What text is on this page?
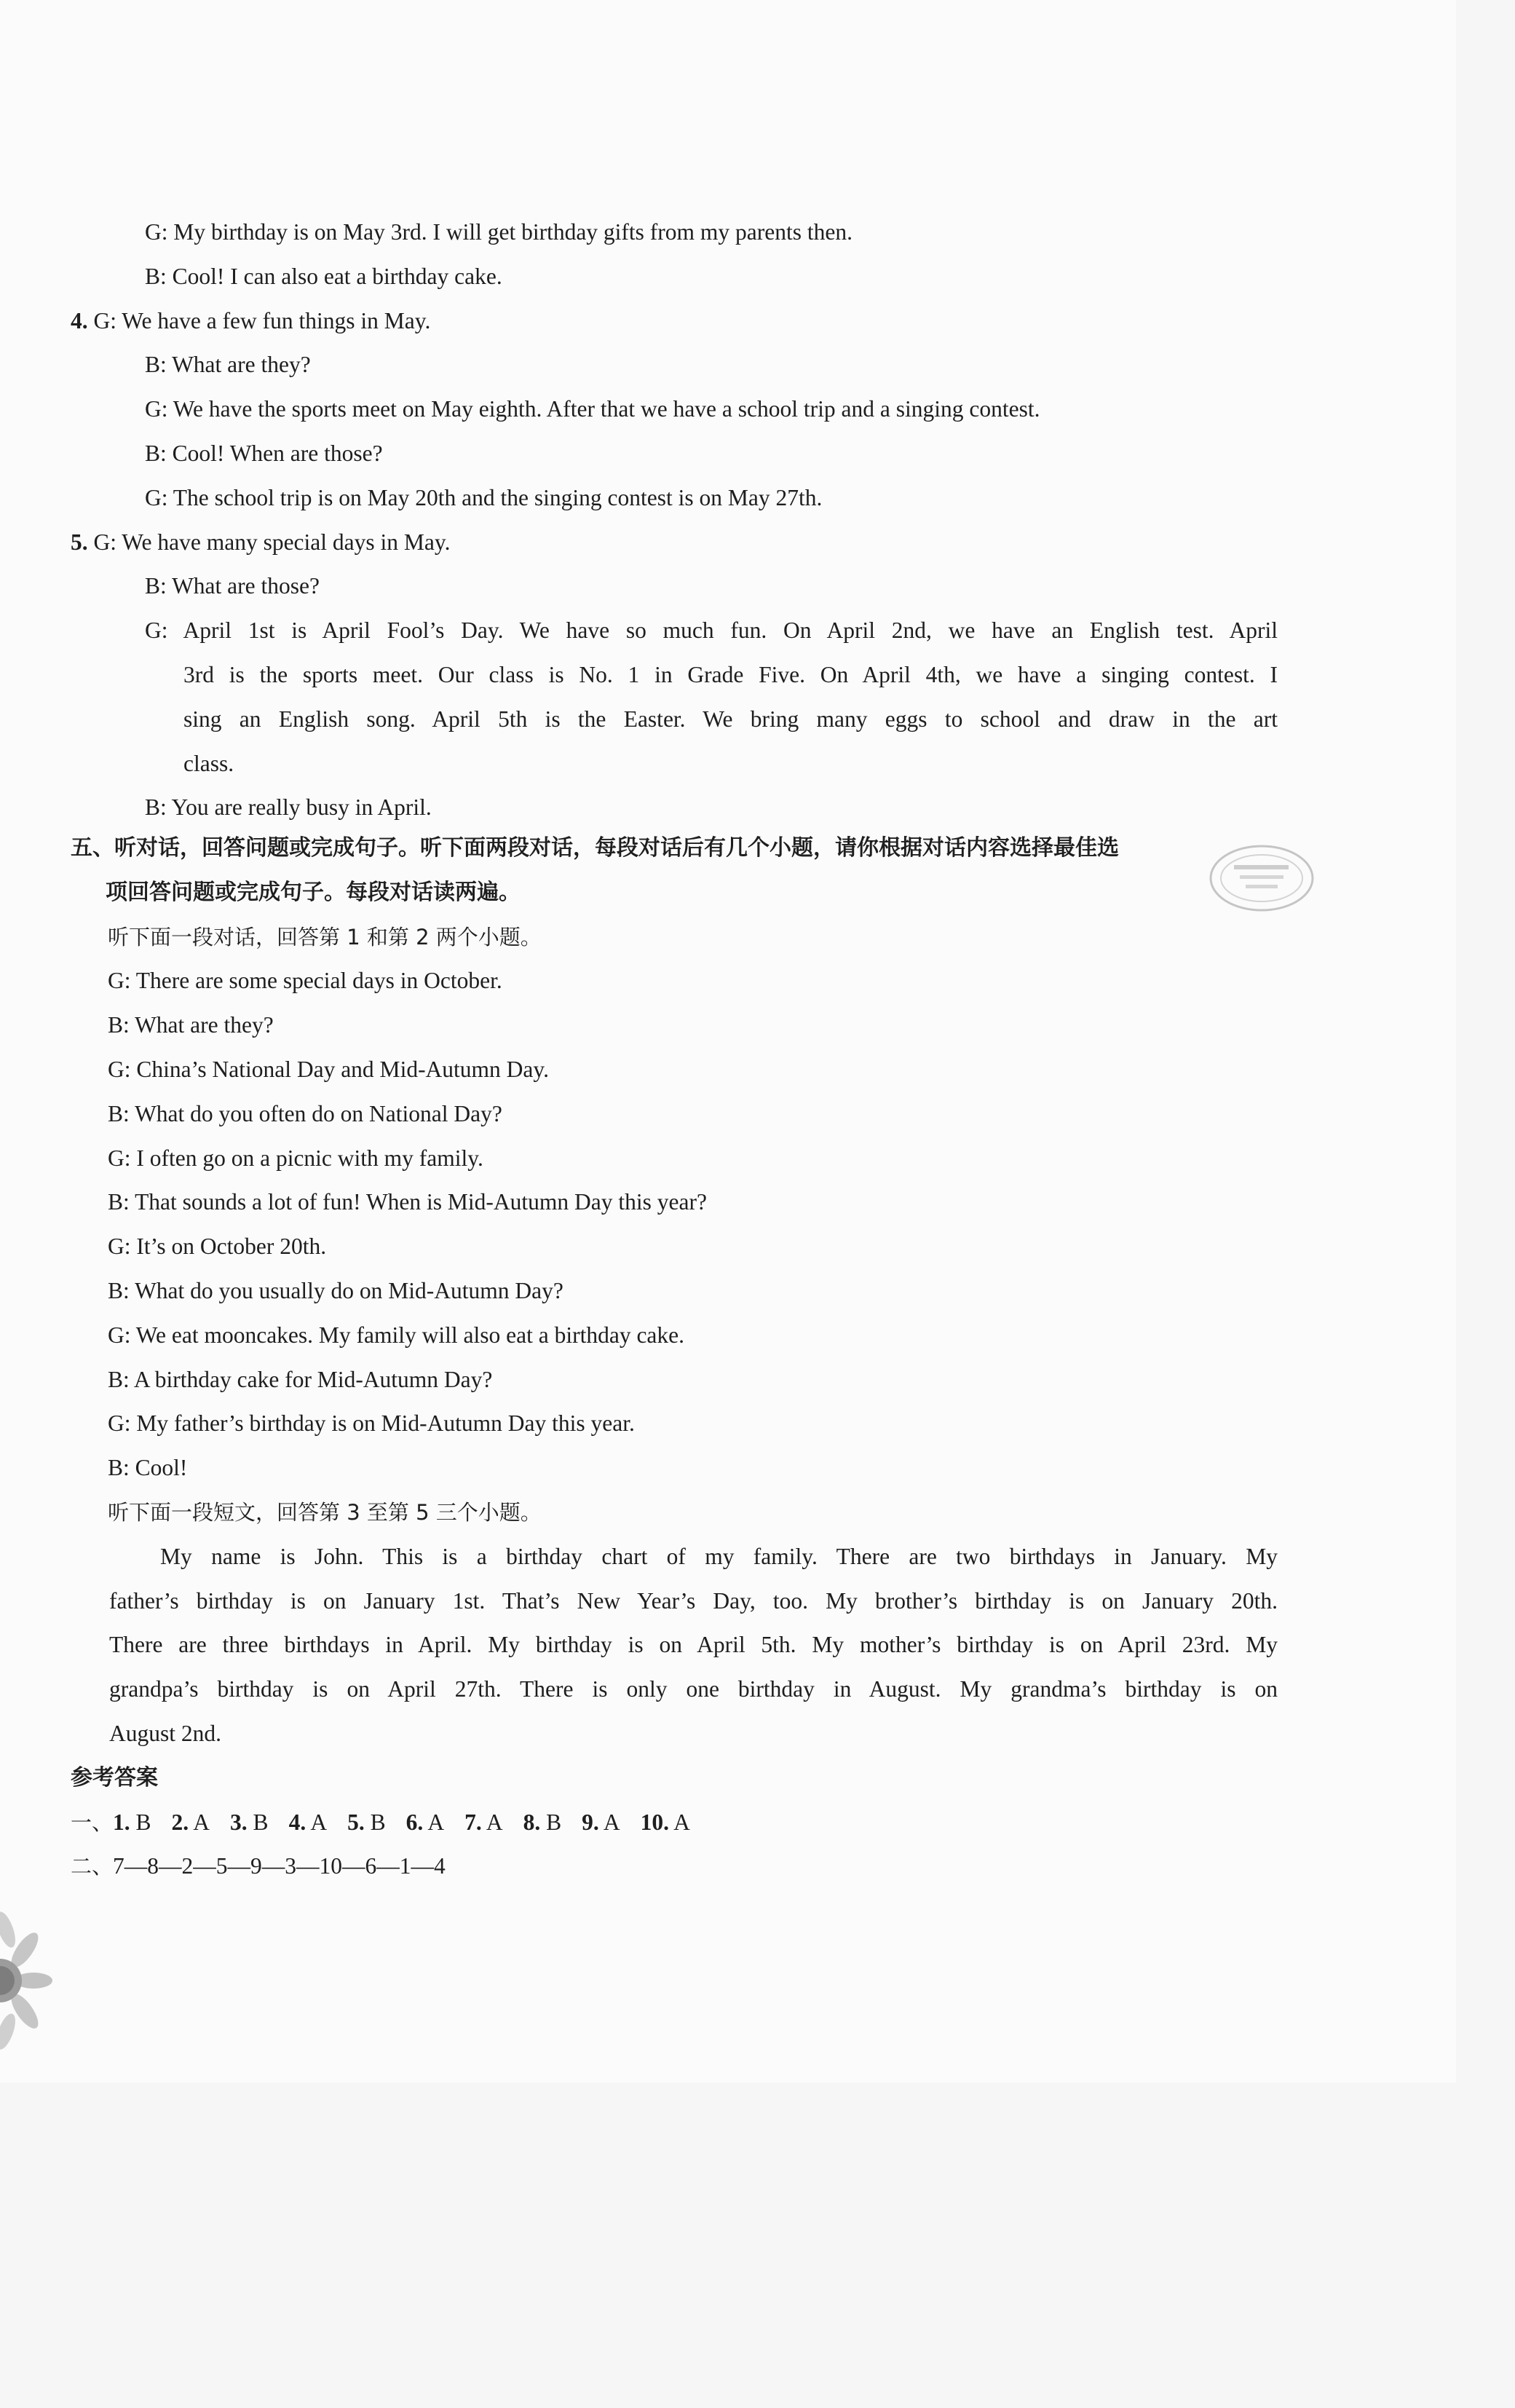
G: My birthday is on May 3rd. I will get birthday gifts from my parents then.
B: Cool! I can also eat a birthday cake.
4. G: We have a few fun things in May.
B: What are they?
G: We have the sports meet on May eighth. After that we have a school trip and a singing contest.
B: Cool! When are those?
G: The school trip is on May 20th and the singing contest is on May 27th.
5. G: We have many special days in May.
B: What are those?
G: April 1st is April Fool’s Day. We have so much fun. On April 2nd, we have an English test. April
3rd is the sports meet. Our class is No. 1 in Grade Five. On April 4th, we have a singing contest. I
sing an English song. April 5th is the Easter. We bring many eggs to school and draw in the art
class.
B: You are really busy in April.
五、听对话，回答问题或完成句子。听下面两段对话，每段对话后有几个小题，请你根据对话内容选择最佳选
项回答问题或完成句子。每段对话读两遍。
听下面一段对话，回答第 1 和第 2 两个小题。
G: There are some special days in October.
B: What are they?
G: China’s National Day and Mid-Autumn Day.
B: What do you often do on National Day?
G: I often go on a picnic with my family.
B: That sounds a lot of fun! When is Mid-Autumn Day this year?
G: It’s on October 20th.
B: What do you usually do on Mid-Autumn Day?
G: We eat mooncakes. My family will also eat a birthday cake.
B: A birthday cake for Mid-Autumn Day?
G: My father’s birthday is on Mid-Autumn Day this year.
B: Cool!
听下面一段短文，回答第 3 至第 5 三个小题。
My name is John. This is a birthday chart of my family. There are two birthdays in January. My
father’s birthday is on January 1st. That’s New Year’s Day, too. My brother’s birthday is on January 20th.
There are three birthdays in April. My birthday is on April 5th. My mother’s birthday is on April 23rd. My
grandpa’s birthday is on April 27th. There is only one birthday in August. My grandma’s birthday is on
August 2nd.
参考答案
一、1. B 2. A 3. B 4. A 5. B 6. A 7. A 8. B 9. A 10. A
二、7—8—2—5—9—3—10—6—1—4
